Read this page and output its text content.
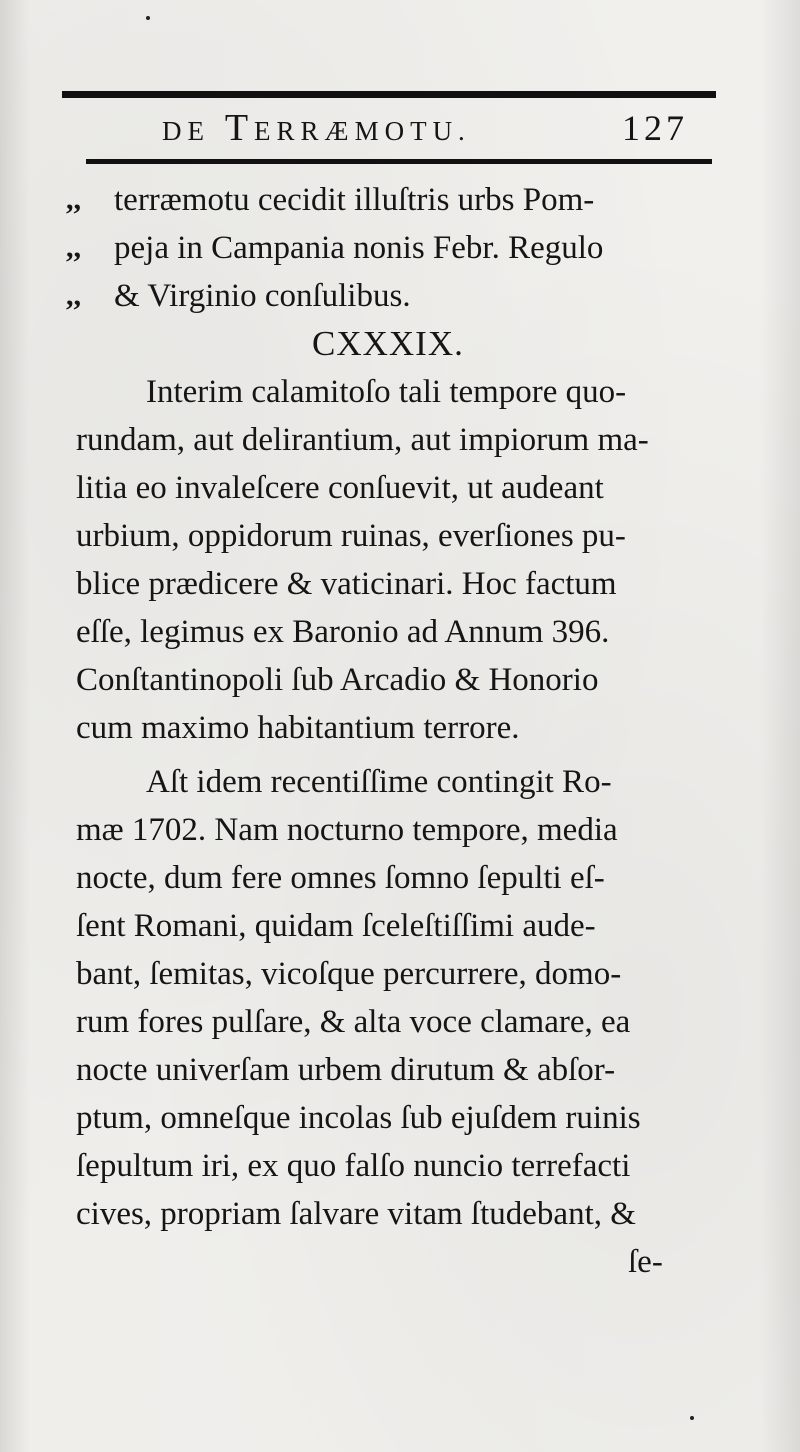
DE TERRÆMOTU.	127
,,	terræmotu cecidit illuſtris urbs Pom-
,,	peja in Campania nonis Febr. Regulo
,,	& Virginio conſulibus.
CXXXIX.
Interim calamitoſo tali tempore quo-
rundam, aut delirantium, aut impiorum ma-
litia eo invaleſcere conſuevit, ut audeant
urbium, oppidorum ruinas, everſiones pu-
blice prædicere & vaticinari. Hoc factum
eſſe, legimus ex Baronio ad Annum 396.
Conſtantinopoli ſub Arcadio & Honorio
cum maximo habitantium terrore.
Aſt idem recentiſſime contingit Ro-
mæ 1702. Nam nocturno tempore, media
nocte, dum fere omnes ſomno ſepulti eſ-
ſent Romani, quidam ſceleſtiſſimi aude-
bant, ſemitas, vicoſque percurrere, domo-
rum fores pulſare, & alta voce clamare, ea
nocte univerſam urbem dirutum & abſor-
ptum, omneſque incolas ſub ejuſdem ruinis
ſepultum iri, ex quo falſo nuncio terrefacti
cives, propriam ſalvare vitam ſtudebant, &
ſe-
